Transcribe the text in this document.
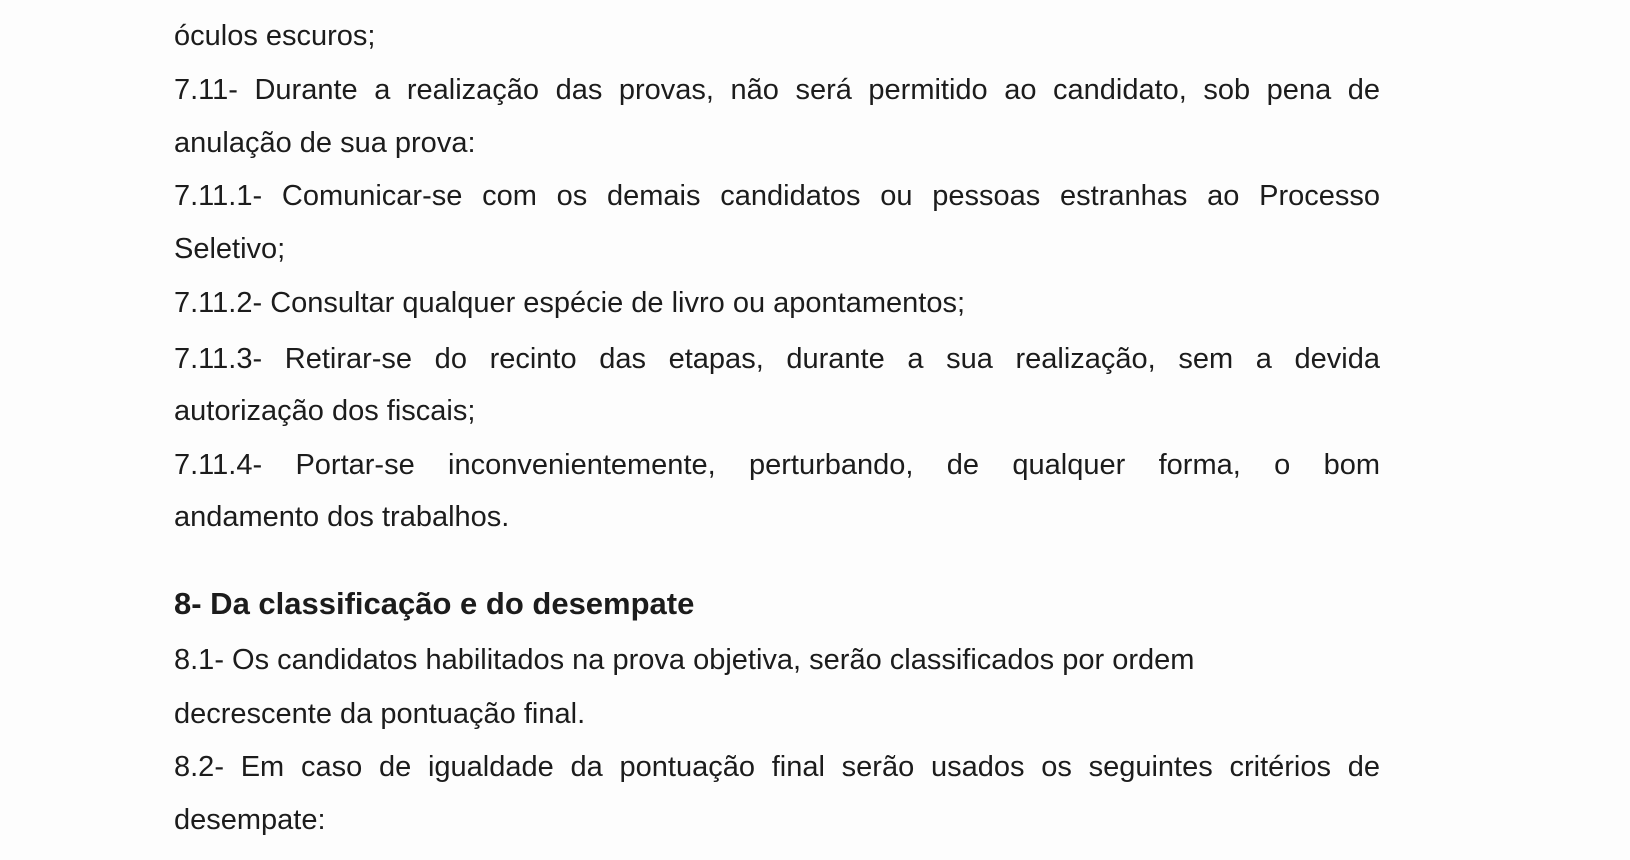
óculos escuros;
7.11- Durante a realização das provas, não será permitido ao candidato, sob pena de
anulação de sua prova:
7.11.1- Comunicar-se com os demais candidatos ou pessoas estranhas ao Processo
Seletivo;
7.11.2- Consultar qualquer espécie de livro ou apontamentos;
7.11.3- Retirar-se do recinto das etapas, durante a sua realização, sem a devida
autorização dos fiscais;
7.11.4- Portar-se inconvenientemente, perturbando, de qualquer forma, o bom
andamento dos trabalhos.
8- Da classificação e do desempate
8.1- Os candidatos habilitados na prova objetiva, serão classificados por ordem
decrescente da pontuação final.
8.2- Em caso de igualdade da pontuação final serão usados os seguintes critérios de
desempate:
